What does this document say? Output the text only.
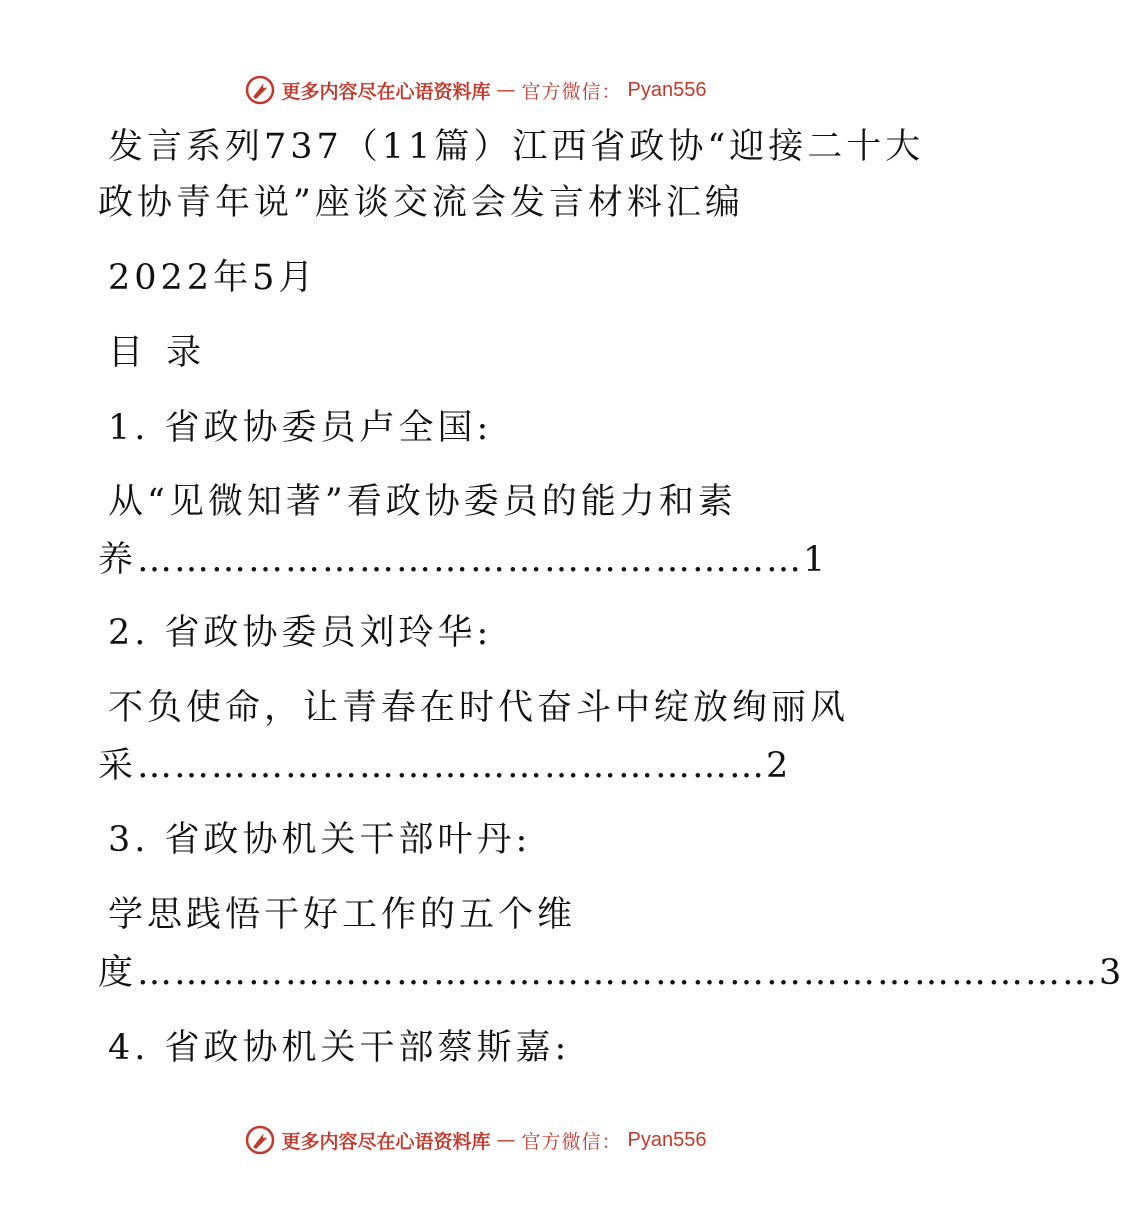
更多内容尽在心语资料库 — 官方微信： Pyan556
发言系列737（11篇）江西省政协“迎接二十大
政协青年说”座谈交流会发言材料汇编
2022年5月
目 录
1. 省政协委员卢全国:
从“见微知著”看政协委员的能力和素
养………………………………………………1
2. 省政协委员刘玲华:
不负使命，让青春在时代奋斗中绽放绚丽风
采……………………………………………2
3. 省政协机关干部叶丹:
学思践悟干好工作的五个维
度……………………………………………………………………3
4. 省政协机关干部蔡斯嘉:
更多内容尽在心语资料库 — 官方微信： Pyan556
